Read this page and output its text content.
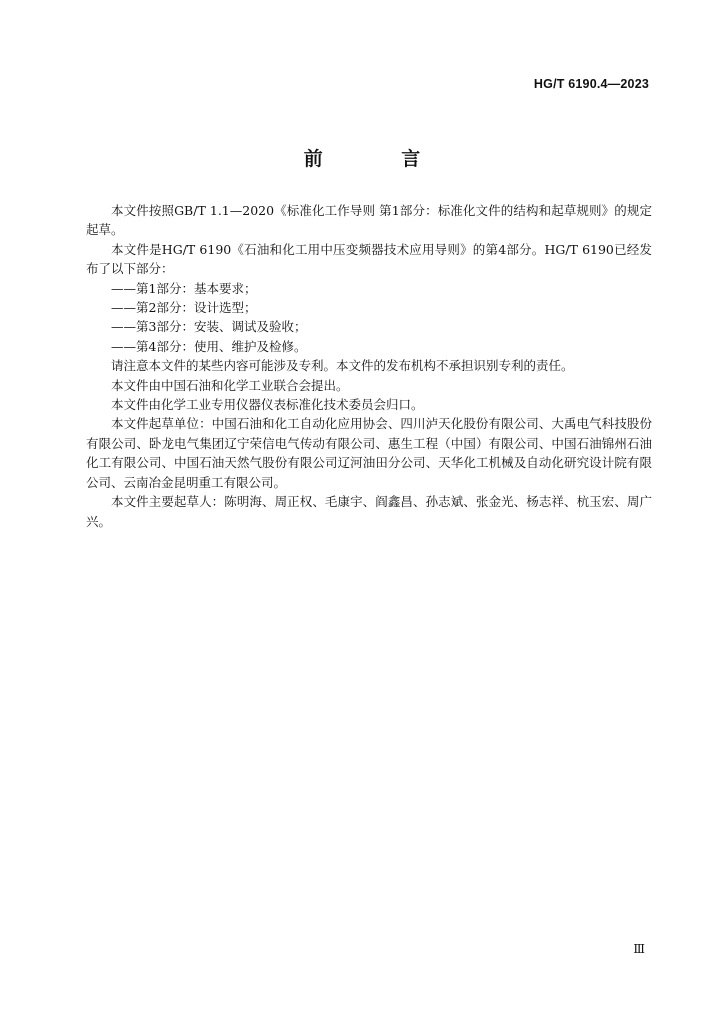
HG/T 6190.4—2023
前 言

本文件按照GB/T 1.1—2020《标准化工作导则 第1部分：标准化文件的结构和起草规则》的规定起草。

本文件是HG/T 6190《石油和化工用中压变频器技术应用导则》的第4部分。HG/T 6190已经发布了以下部分：

——第1部分：基本要求；

——第2部分：设计选型；

——第3部分：安装、调试及验收；

——第4部分：使用、维护及检修。

请注意本文件的某些内容可能涉及专利。本文件的发布机构不承担识别专利的责任。

本文件由中国石油和化学工业联合会提出。

本文件由化学工业专用仪器仪表标准化技术委员会归口。

本文件起草单位：中国石油和化工自动化应用协会、四川泸天化股份有限公司、大禹电气科技股份有限公司、卧龙电气集团辽宁荣信电气传动有限公司、惠生工程（中国）有限公司、中国石油锦州石油化工有限公司、中国石油天然气股份有限公司辽河油田分公司、天华化工机械及自动化研究设计院有限公司、云南冶金昆明重工有限公司。

本文件主要起草人：陈明海、周正权、毛康宇、阎鑫昌、孙志斌、张金光、杨志祥、杭玉宏、周广兴。

Ⅲ
